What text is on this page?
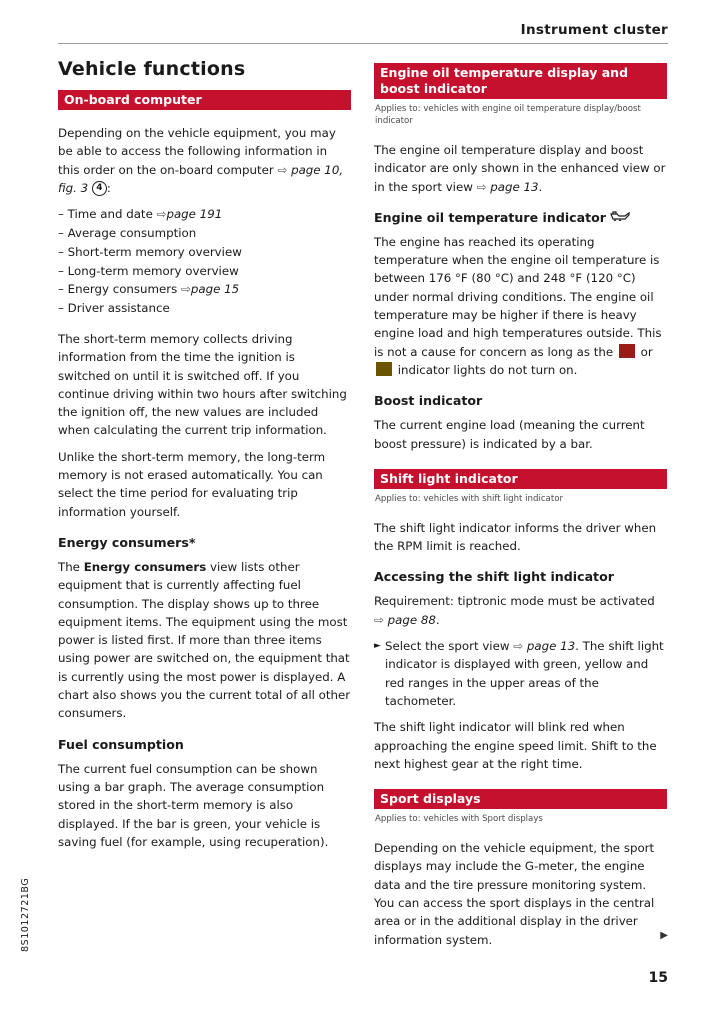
Instrument cluster
Vehicle functions
On-board computer

Depending on the vehicle equipment, you may be able to access the following information in this order on the on-board computer ⇨ page 10, fig. 3 4 :

– Time and date ⇨page 191
– Average consumption
– Short-term memory overview
– Long-term memory overview
– Energy consumers ⇨page 15
– Driver assistance

The short-term memory collects driving information from the time the ignition is switched on until it is switched off. If you continue driving within two hours after switching the ignition off, the new values are included when calculating the current trip information.

Unlike the short-term memory, the long-term memory is not erased automatically. You can select the time period for evaluating trip information yourself.

Energy consumers*

The Energy consumers view lists other equipment that is currently affecting fuel consumption. The display shows up to three equipment items. The equipment using the most power is listed first. If more than three items using power are switched on, the equipment that is currently using the most power is displayed. A chart also shows you the current total of all other consumers.

Fuel consumption

The current fuel consumption can be shown using a bar graph. The average consumption stored in the short-term memory is also displayed. If the bar is green, your vehicle is saving fuel (for example, using recuperation).

Engine oil temperature display and boost indicator
Applies to: vehicles with engine oil temperature display/boost indicator

The engine oil temperature display and boost indicator are only shown in the enhanced view or in the sport view ⇨ page 13.

Engine oil temperature indicator

The engine has reached its operating temperature when the engine oil temperature is between 176 °F (80 °C) and 248 °F (120 °C) under normal driving conditions. The engine oil temperature may be higher if there is heavy engine load and high temperatures outside. This is not a cause for concern as long as the  or  indicator lights do not turn on.

Boost indicator

The current engine load (meaning the current boost pressure) is indicated by a bar.

Shift light indicator
Applies to: vehicles with shift light indicator

The shift light indicator informs the driver when the RPM limit is reached.

Accessing the shift light indicator

Requirement: tiptronic mode must be activated
⇨ page 88.

► Select the sport view ⇨ page 13. The shift light indicator is displayed with green, yellow and red ranges in the upper areas of the tachometer.

The shift light indicator will blink red when approaching the engine speed limit. Shift to the next highest gear at the right time.

Sport displays
Applies to: vehicles with Sport displays

Depending on the vehicle equipment, the sport displays may include the G-meter, the engine data and the tire pressure monitoring system. You can access the sport displays in the central area or in the additional display in the driver information system.	▶
8S1012721BG
15
